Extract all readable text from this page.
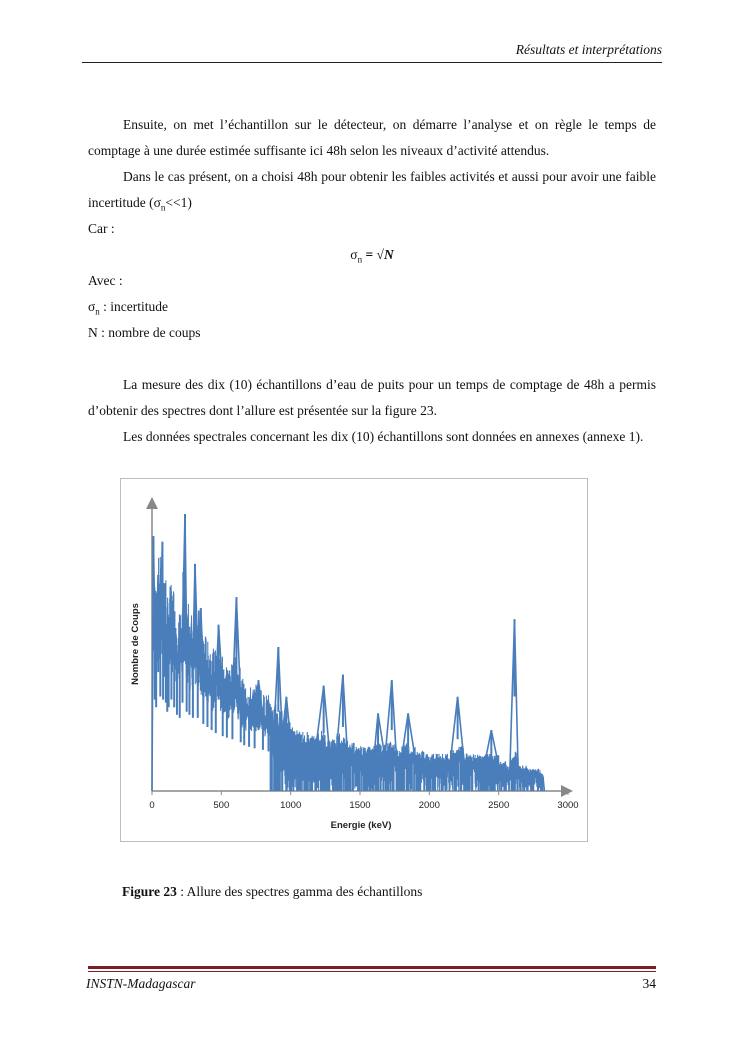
Résultats et interprétations

Ensuite, on met l’échantillon sur le détecteur, on démarre l’analyse et on règle le temps de comptage à une durée estimée suffisante ici 48h selon les niveaux d’activité attendus.

Dans le cas présent, on a choisi 48h pour obtenir les faibles activités et aussi pour avoir une faible incertitude $(\sigma_n<<1)$

Car :

$\sigma_n = √N$

Avec :

$\sigma_n$ : incertitude

N : nombre de coups

La mesure des dix (10) échantillons d’eau de puits pour un temps de comptage de 48h a permis d’obtenir des spectres dont l’allure est présentée sur la figure 23.

Les données spectrales concernant les dix (10) échantillons sont données en annexes (annexe 1).

0	500	1000	1500	2000	2500	3000
Energie (keV)
Nombre de Coups
Figure 23 : Allure des spectres gamma des échantillons
INSTN-Madagascar	34
